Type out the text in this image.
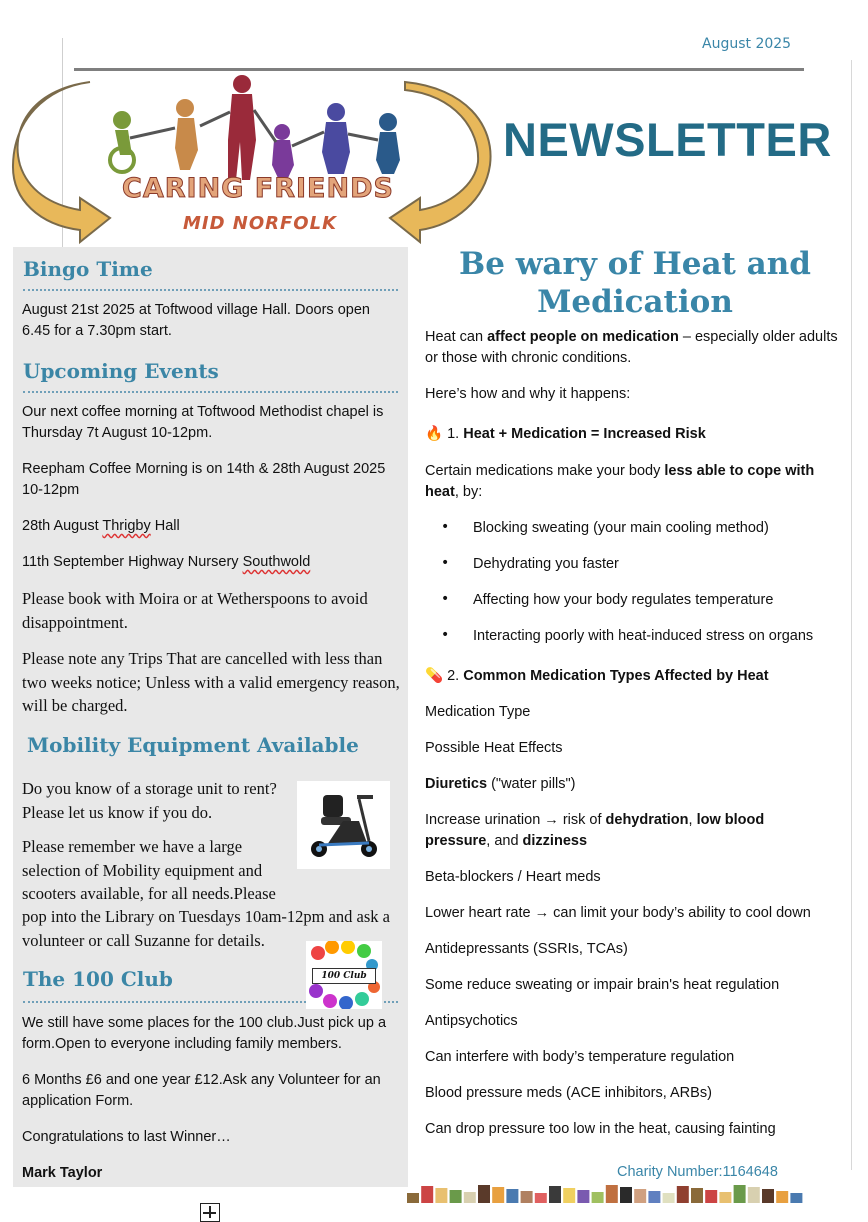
August 2025
CARING FRIENDS
MID NORFOLK
NEWSLETTER
Bingo Time
August 21st 2025 at Toftwood village Hall. Doors open 6.45 for a 7.30pm start.
Upcoming Events
Our next coffee morning at Toftwood Methodist chapel is Thursday 7t August 10-12pm.
Reepham Coffee Morning is on 14th & 28th August 2025 10-12pm
28th August Thrigby Hall
11th September Highway Nursery Southwold
Please book with Moira or at Wetherspoons to avoid disappointment.
Please note any Trips That are cancelled with less than two weeks notice; Unless with a valid emergency reason, will be charged.
Mobility Equipment Available
Do you know of a storage unit to rent? Please let us know if you do.
Please remember we have a large selection of Mobility equipment and scooters available, for all needs.Please
pop into the Library on Tuesdays 10am-12pm and ask a volunteer or call Suzanne for details.
The 100 Club	100 Club
We still have some places for the 100 club.Just pick up a form.Open to everyone including family members.
6 Months £6 and one year £12.Ask any Volunteer for an application Form.
Congratulations to last Winner…
Mark Taylor
Be wary of Heat and Medication
Heat can affect people on medication – especially older adults or those with chronic conditions.
Here’s how and why it happens:
🔥 1. Heat + Medication = Increased Risk
Certain medications make your body less able to cope with heat, by:
• Blocking sweating (your main cooling method)
• Dehydrating you faster
• Affecting how your body regulates temperature
• Interacting poorly with heat-induced stress on organs
💊 2. Common Medication Types Affected by Heat
Medication Type
Possible Heat Effects
Diuretics ("water pills")
Increase urination → risk of dehydration, low blood pressure, and dizziness
Beta-blockers / Heart meds
Lower heart rate → can limit your body’s ability to cool down
Antidepressants (SSRIs, TCAs)
Some reduce sweating or impair brain's heat regulation
Antipsychotics
Can interfere with body’s temperature regulation
Blood pressure meds (ACE inhibitors, ARBs)
Can drop pressure too low in the heat, causing fainting
Charity Number:1164648
